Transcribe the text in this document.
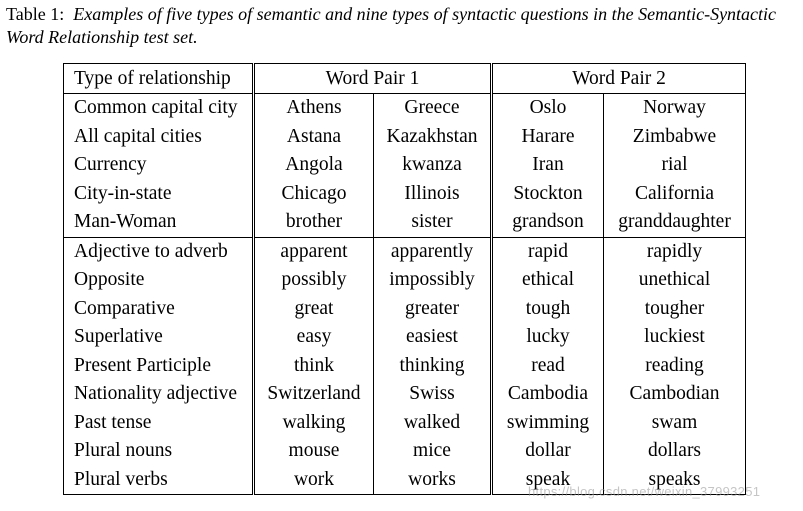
Table 1: Examples of five types of semantic and nine types of syntactic questions in the Semantic-Syntactic Word Relationship test set.
Type of relationship	Word Pair 1		Word Pair 2	
Common capital city	Athens	Greece	Oslo	Norway
All capital cities	Astana	Kazakhstan	Harare	Zimbabwe
Currency	Angola	kwanza	Iran	rial
City-in-state	Chicago	Illinois	Stockton	California
Man-Woman	brother	sister	grandson	granddaughter
Adjective to adverb	apparent	apparently	rapid	rapidly
Opposite	possibly	impossibly	ethical	unethical
Comparative	great	greater	tough	tougher
Superlative	easy	easiest	lucky	luckiest
Present Participle	think	thinking	read	reading
Nationality adjective	Switzerland	Swiss	Cambodia	Cambodian
Past tense	walking	walked	swimming	swam
Plural nouns	mouse	mice	dollar	dollars
Plural verbs	work	works	speak	speaks
https://blog.csdn.net/weixin_37993251
